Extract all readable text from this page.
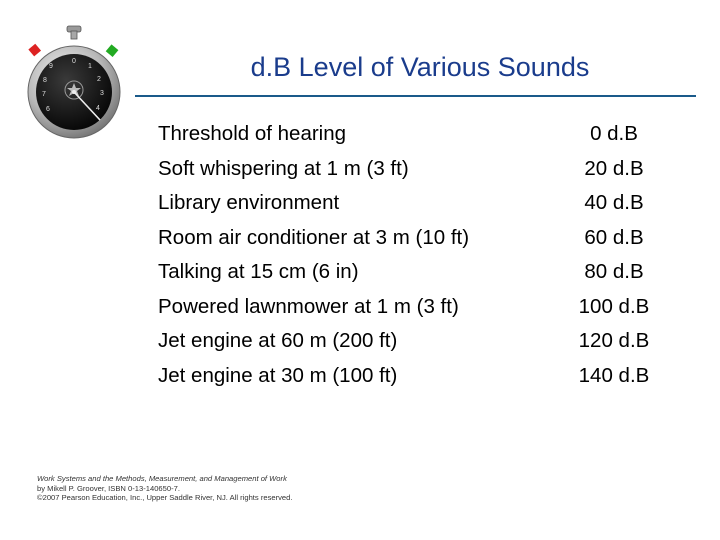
0
1
2
3
4
9
8
7
6
d.B Level of Various Sounds
Threshold of hearing	0 d.B
Soft whispering at 1 m (3 ft)	20 d.B
Library environment	40 d.B
Room air conditioner at 3 m (10 ft)	60 d.B
Talking at 15 cm (6 in)	80 d.B
Powered lawnmower at 1 m (3 ft)	100 d.B
Jet engine at 60 m (200 ft)	120 d.B
Jet engine at 30 m (100 ft)	140 d.B
Work Systems and the Methods, Measurement, and Management of Work
by Mikell P. Groover, ISBN 0-13-140650-7.
©2007 Pearson Education, Inc., Upper Saddle River, NJ. All rights reserved.
